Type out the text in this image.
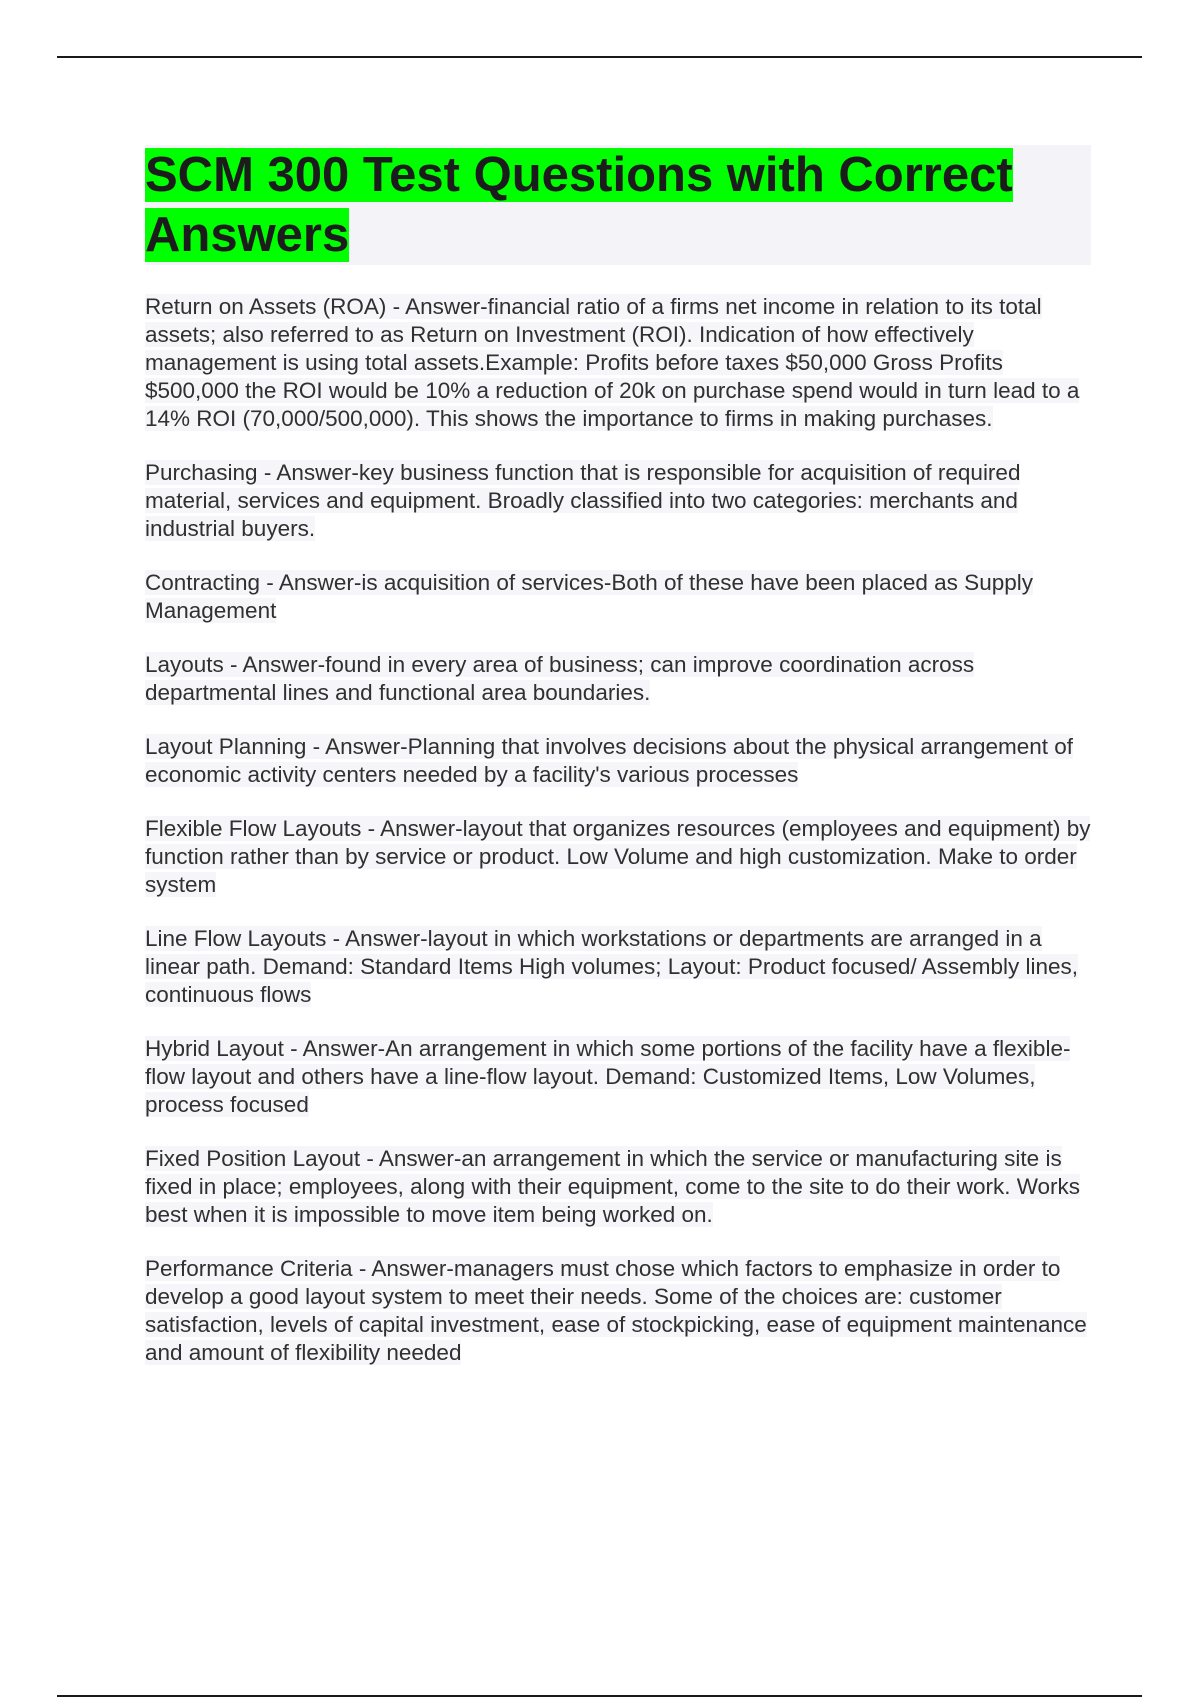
SCM 300 Test Questions with Correct Answers
Return on Assets (ROA) - Answer-financial ratio of a firms net income in relation to its total assets; also referred to as Return on Investment (ROI). Indication of how effectively management is using total assets.Example: Profits before taxes $50,000 Gross Profits $500,000 the ROI would be 10% a reduction of 20k on purchase spend would in turn lead to a 14% ROI (70,000/500,000). This shows the importance to firms in making purchases.
Purchasing - Answer-key business function that is responsible for acquisition of required material, services and equipment. Broadly classified into two categories: merchants and industrial buyers.
Contracting - Answer-is acquisition of services-Both of these have been placed as Supply Management
Layouts - Answer-found in every area of business; can improve coordination across departmental lines and functional area boundaries.
Layout Planning - Answer-Planning that involves decisions about the physical arrangement of economic activity centers needed by a facility's various processes
Flexible Flow Layouts - Answer-layout that organizes resources (employees and equipment) by function rather than by service or product. Low Volume and high customization. Make to order system
Line Flow Layouts - Answer-layout in which workstations or departments are arranged in a linear path. Demand: Standard Items High volumes; Layout: Product focused/ Assembly lines, continuous flows
Hybrid Layout - Answer-An arrangement in which some portions of the facility have a flexible-flow layout and others have a line-flow layout. Demand: Customized Items, Low Volumes, process focused
Fixed Position Layout - Answer-an arrangement in which the service or manufacturing site is fixed in place; employees, along with their equipment, come to the site to do their work. Works best when it is impossible to move item being worked on.
Performance Criteria - Answer-managers must chose which factors to emphasize in order to develop a good layout system to meet their needs. Some of the choices are: customer satisfaction, levels of capital investment, ease of stockpicking, ease of equipment maintenance and amount of flexibility needed
